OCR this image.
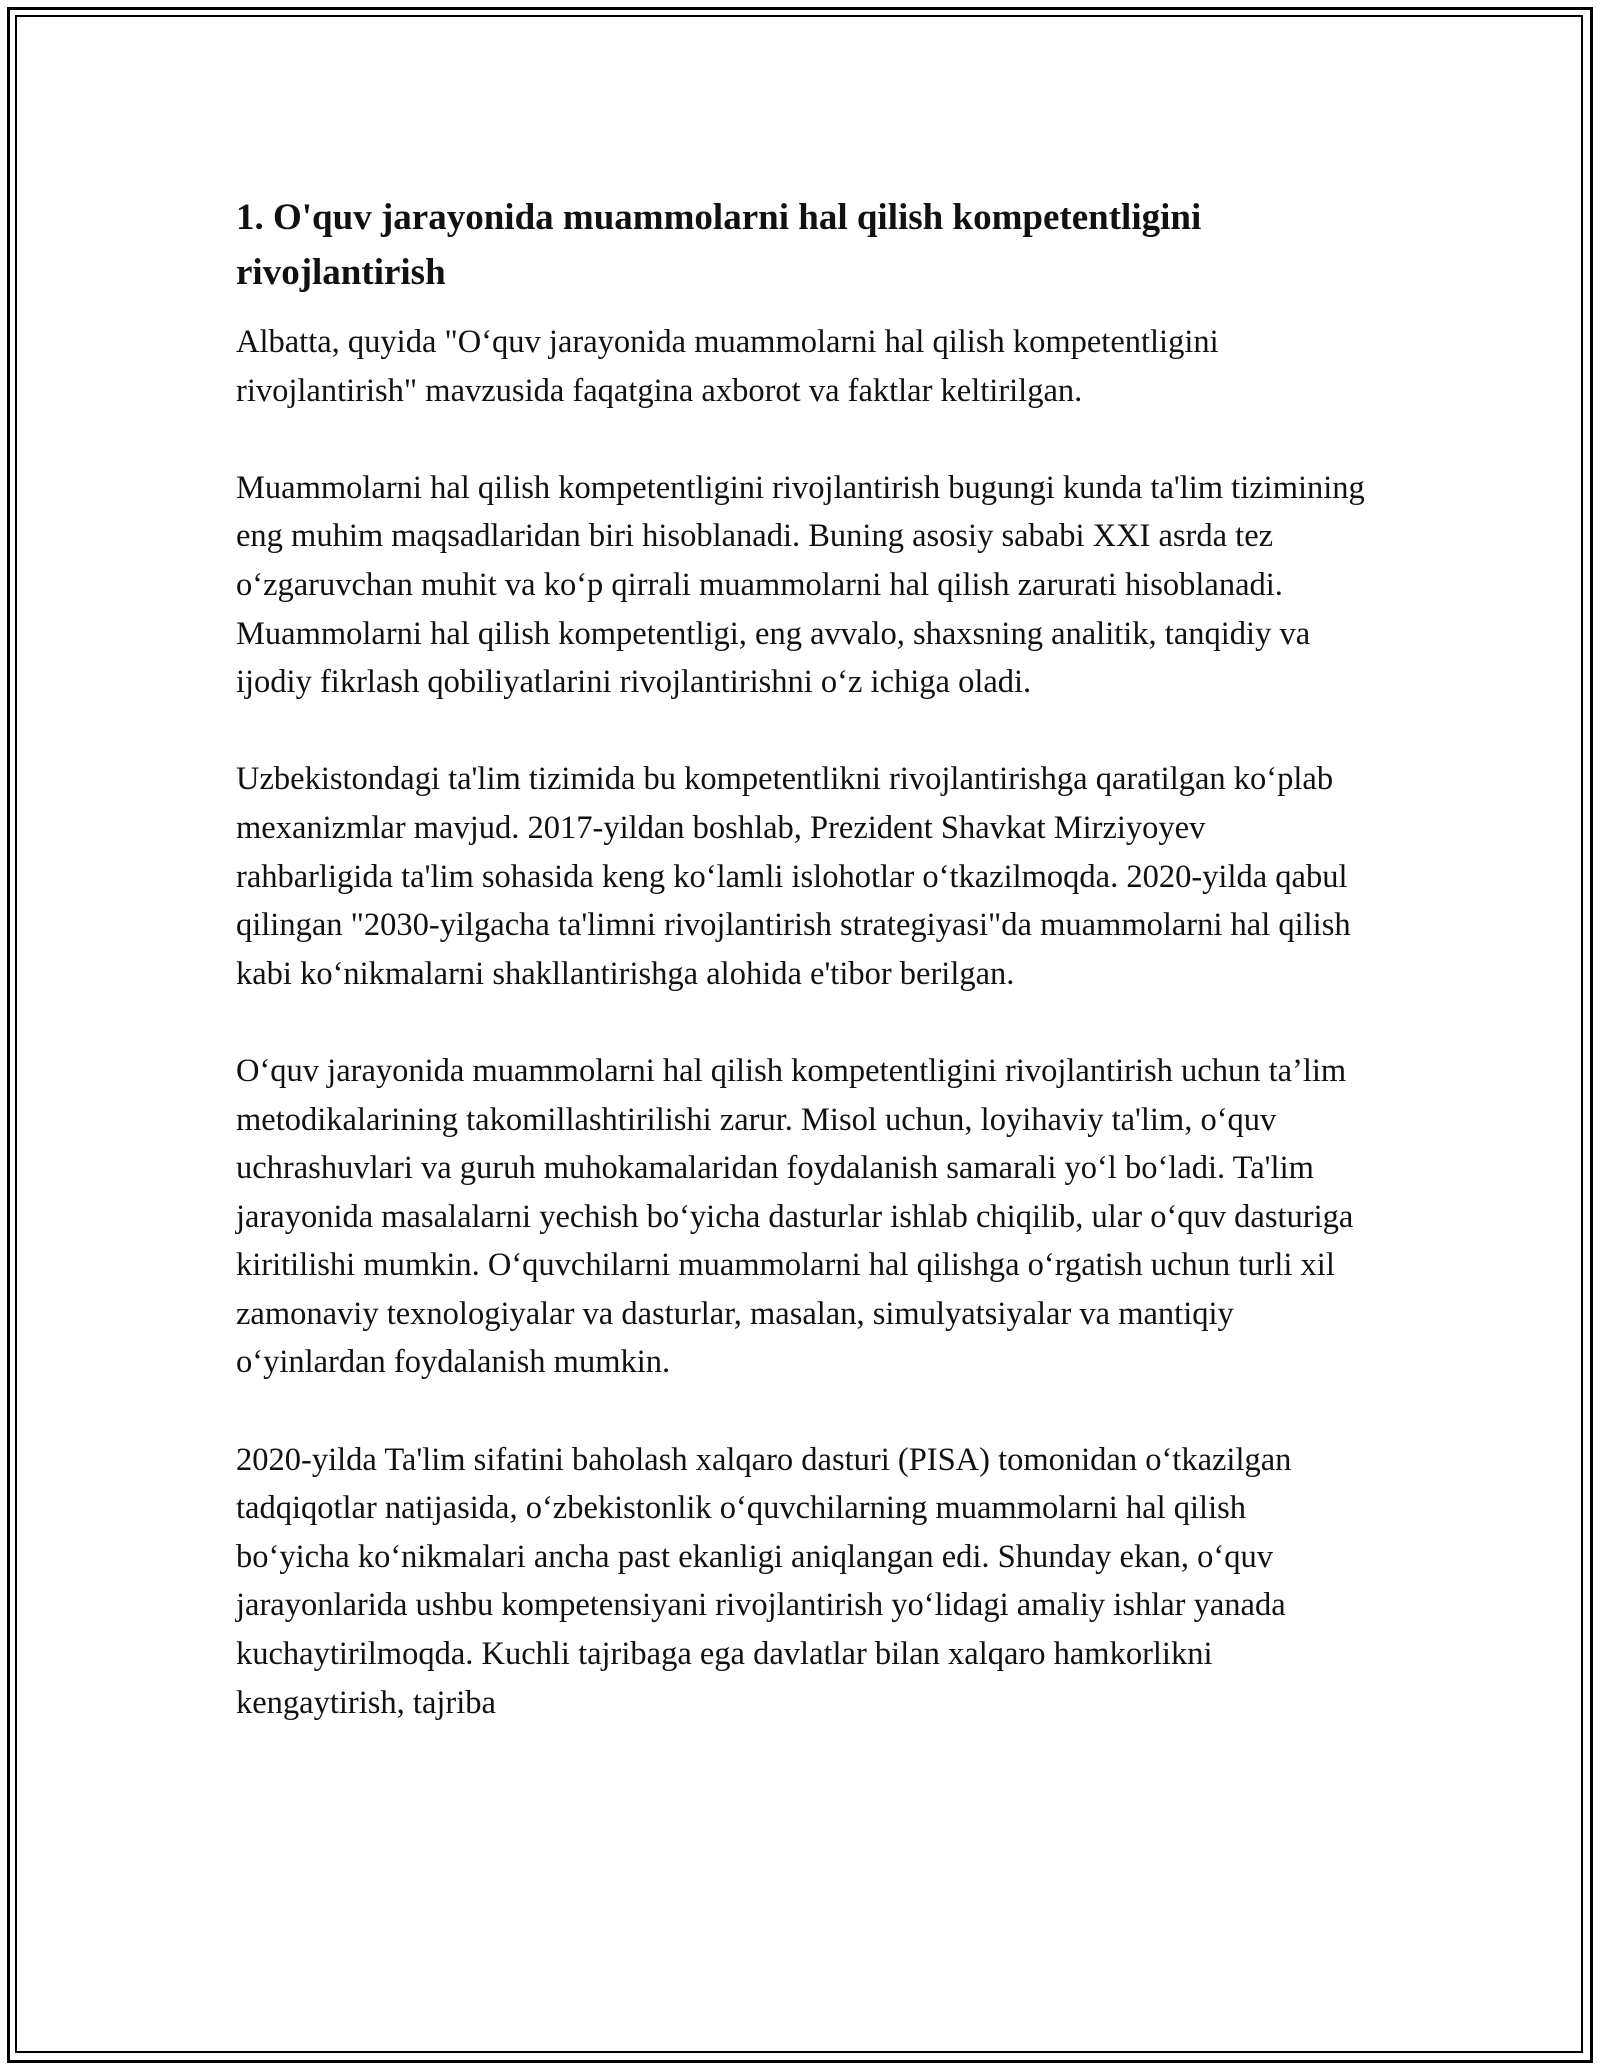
1. O'quv jarayonida muammolarni hal qilish kompetentligini rivojlantirish

Albatta, quyida "O‘quv jarayonida muammolarni hal qilish kompetentligini rivojlantirish" mavzusida faqatgina axborot va faktlar keltirilgan.

Muammolarni hal qilish kompetentligini rivojlantirish bugungi kunda ta'lim tizimining eng muhim maqsadlaridan biri hisoblanadi. Buning asosiy sababi XXI asrda tez o‘zgaruvchan muhit va ko‘p qirrali muammolarni hal qilish zarurati hisoblanadi. Muammolarni hal qilish kompetentligi, eng avvalo, shaxsning analitik, tanqidiy va ijodiy fikrlash qobiliyatlarini rivojlantirishni o‘z ichiga oladi.

Uzbekistondagi ta'lim tizimida bu kompetentlikni rivojlantirishga qaratilgan ko‘plab mexanizmlar mavjud. 2017-yildan boshlab, Prezident Shavkat Mirziyoyev rahbarligida ta'lim sohasida keng ko‘lamli islohotlar o‘tkazilmoqda. 2020-yilda qabul qilingan "2030-yilgacha ta'limni rivojlantirish strategiyasi"da muammolarni hal qilish kabi ko‘nikmalarni shakllantirishga alohida e'tibor berilgan.

O‘quv jarayonida muammolarni hal qilish kompetentligini rivojlantirish uchun ta’lim metodikalarining takomillashtirilishi zarur. Misol uchun, loyihaviy ta'lim, o‘quv uchrashuvlari va guruh muhokamalaridan foydalanish samarali yo‘l bo‘ladi. Ta'lim jarayonida masalalarni yechish bo‘yicha dasturlar ishlab chiqilib, ular o‘quv dasturiga kiritilishi mumkin. O‘quvchilarni muammolarni hal qilishga o‘rgatish uchun turli xil zamonaviy texnologiyalar va dasturlar, masalan, simulyatsiyalar va mantiqiy o‘yinlardan foydalanish mumkin.

2020-yilda Ta'lim sifatini baholash xalqaro dasturi (PISA) tomonidan o‘tkazilgan tadqiqotlar natijasida, o‘zbekistonlik o‘quvchilarning muammolarni hal qilish bo‘yicha ko‘nikmalari ancha past ekanligi aniqlangan edi. Shunday ekan, o‘quv jarayonlarida ushbu kompetensiyani rivojlantirish yo‘lidagi amaliy ishlar yanada kuchaytirilmoqda. Kuchli tajribaga ega davlatlar bilan xalqaro hamkorlikni kengaytirish, tajriba
